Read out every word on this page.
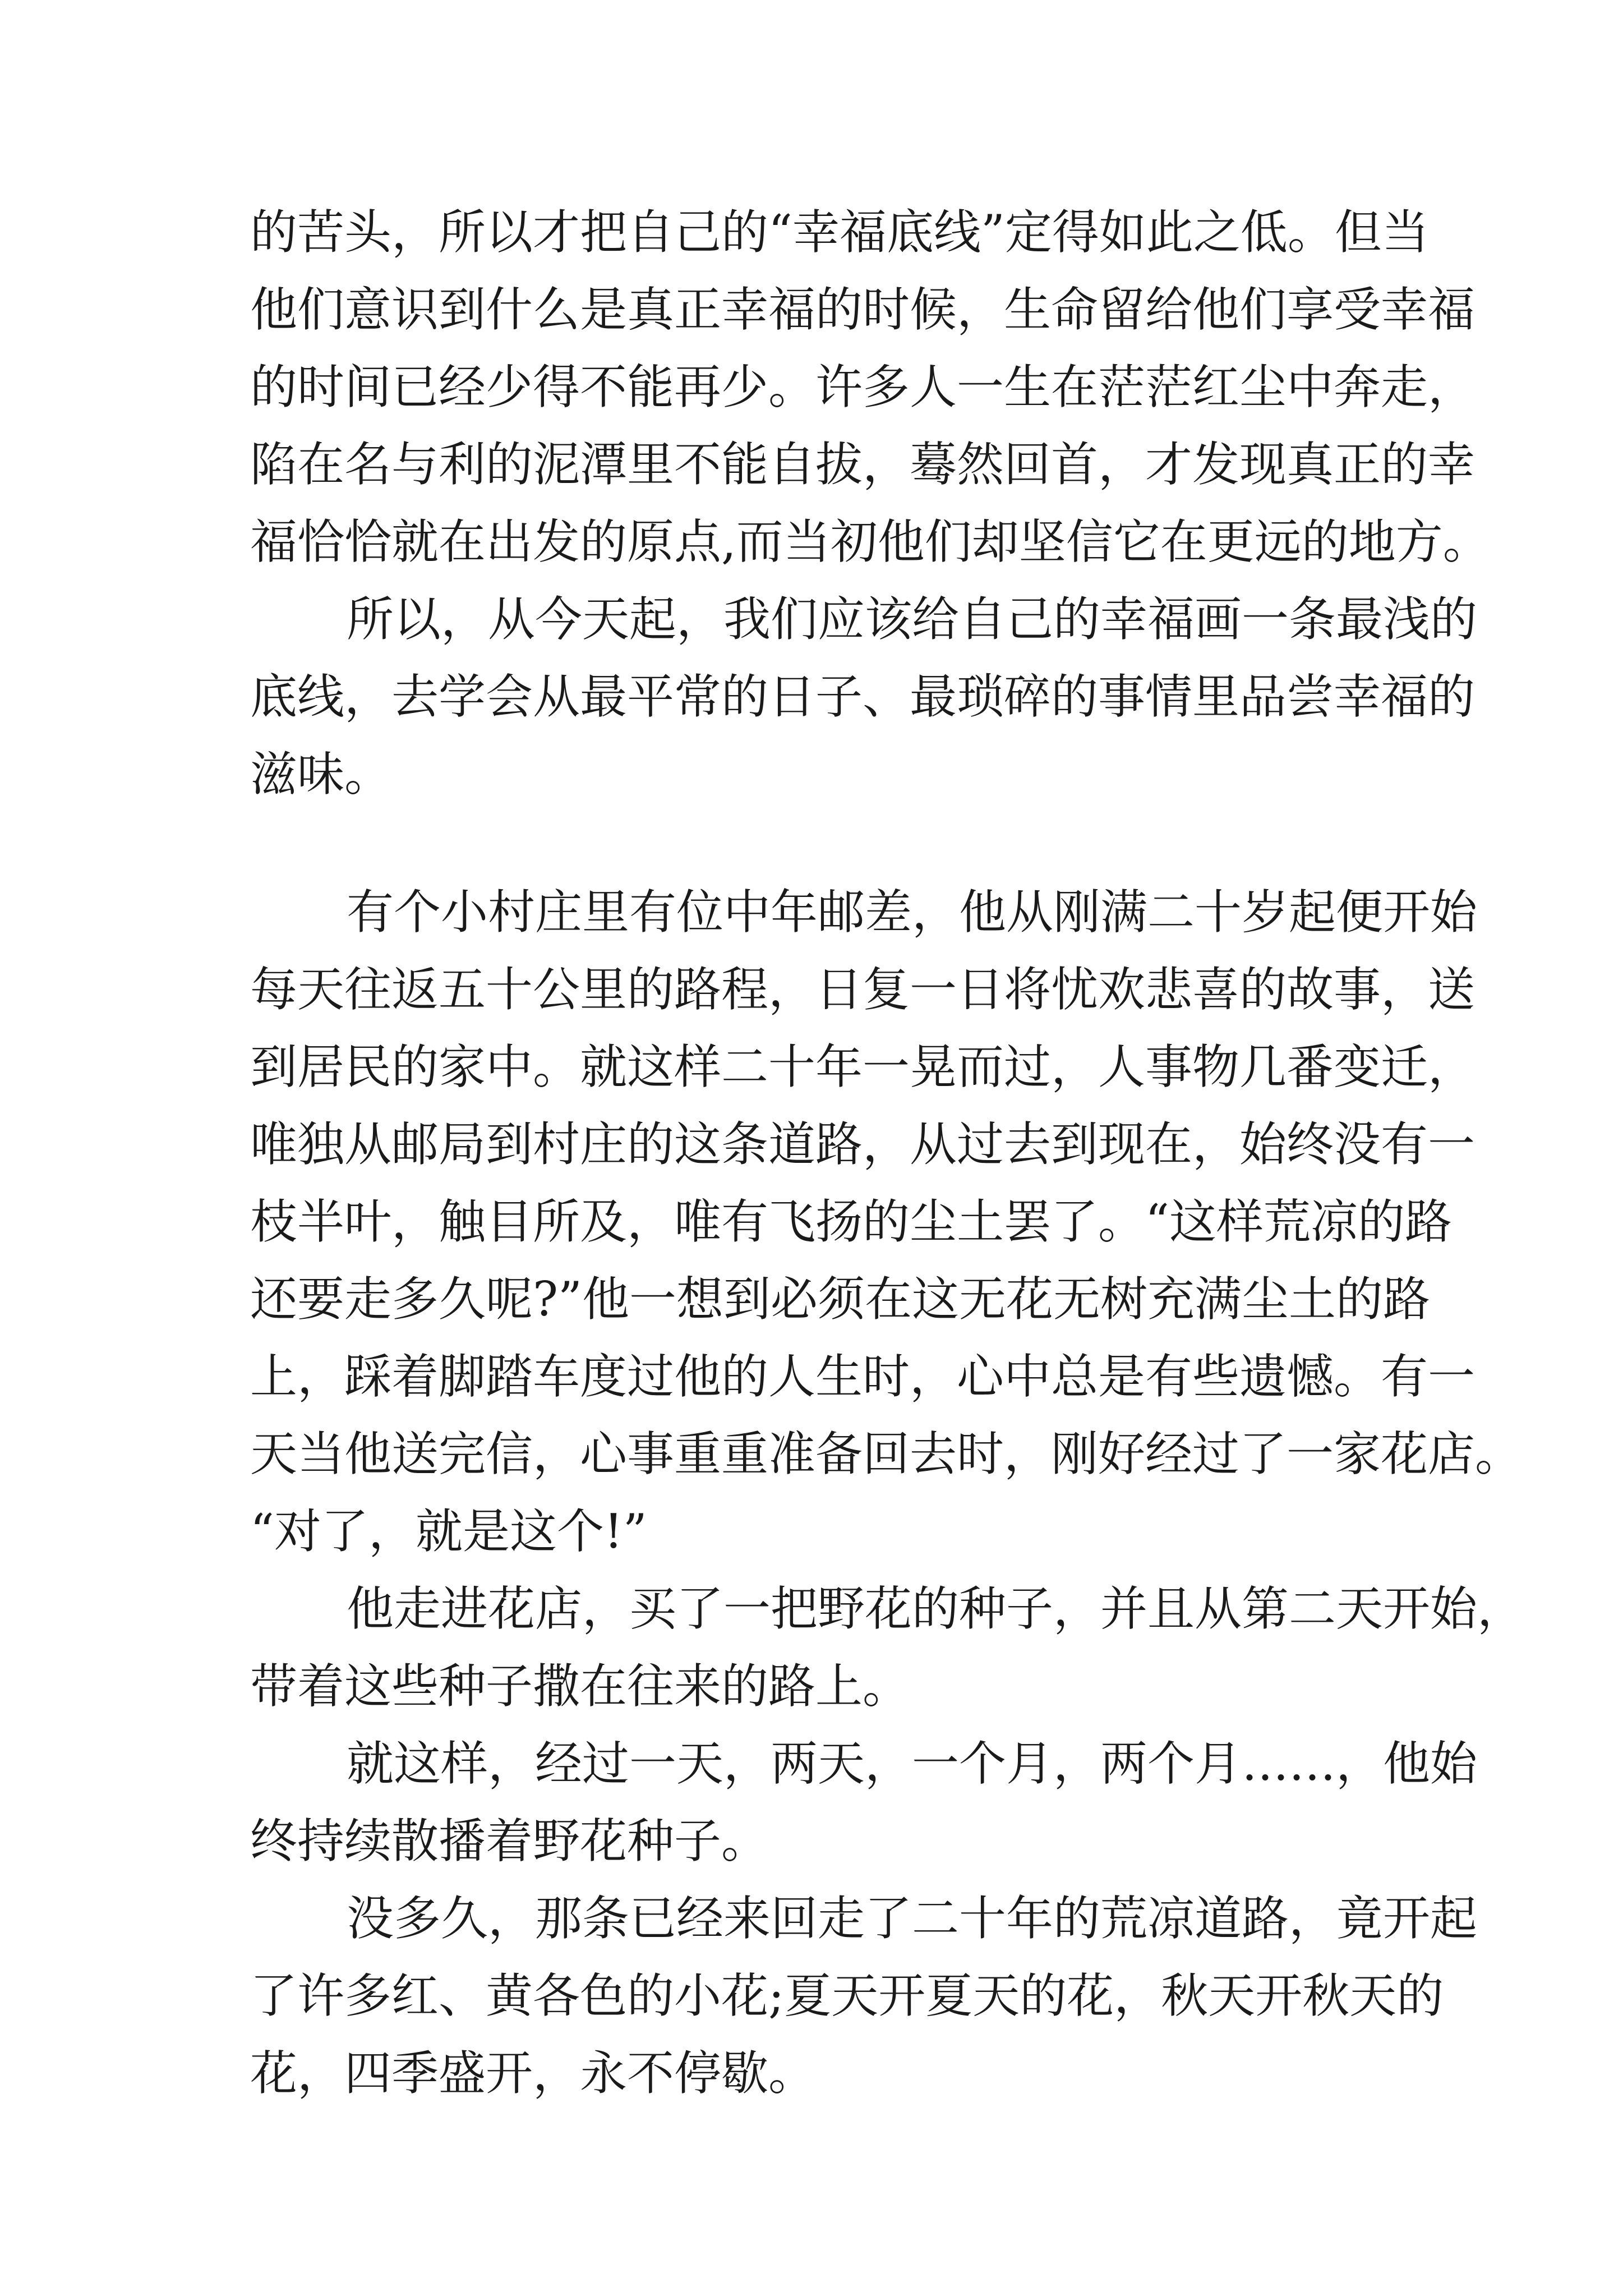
的苦头，所以才把自己的“幸福底线”定得如此之低。但当
他们意识到什么是真正幸福的时候，生命留给他们享受幸福
的时间已经少得不能再少。许多人一生在茫茫红尘中奔走，
陷在名与利的泥潭里不能自拔，蓦然回首，才发现真正的幸
福恰恰就在出发的原点,而当初他们却坚信它在更远的地方。
所以，从今天起，我们应该给自己的幸福画一条最浅的
底线，去学会从最平常的日子、最琐碎的事情里品尝幸福的
滋味。
有个小村庄里有位中年邮差，他从刚满二十岁起便开始
每天往返五十公里的路程，日复一日将忧欢悲喜的故事，送
到居民的家中。就这样二十年一晃而过，人事物几番变迁，
唯独从邮局到村庄的这条道路，从过去到现在，始终没有一
枝半叶，触目所及，唯有飞扬的尘土罢了。“这样荒凉的路
还要走多久呢?”他一想到必须在这无花无树充满尘土的路
上，踩着脚踏车度过他的人生时，心中总是有些遗憾。有一
天当他送完信，心事重重准备回去时，刚好经过了一家花店。
“对了，就是这个!”
他走进花店，买了一把野花的种子，并且从第二天开始，
带着这些种子撒在往来的路上。
就这样，经过一天，两天，一个月，两个月……，他始
终持续散播着野花种子。
没多久，那条已经来回走了二十年的荒凉道路，竟开起
了许多红、黄各色的小花;夏天开夏天的花，秋天开秋天的
花，四季盛开，永不停歇。
